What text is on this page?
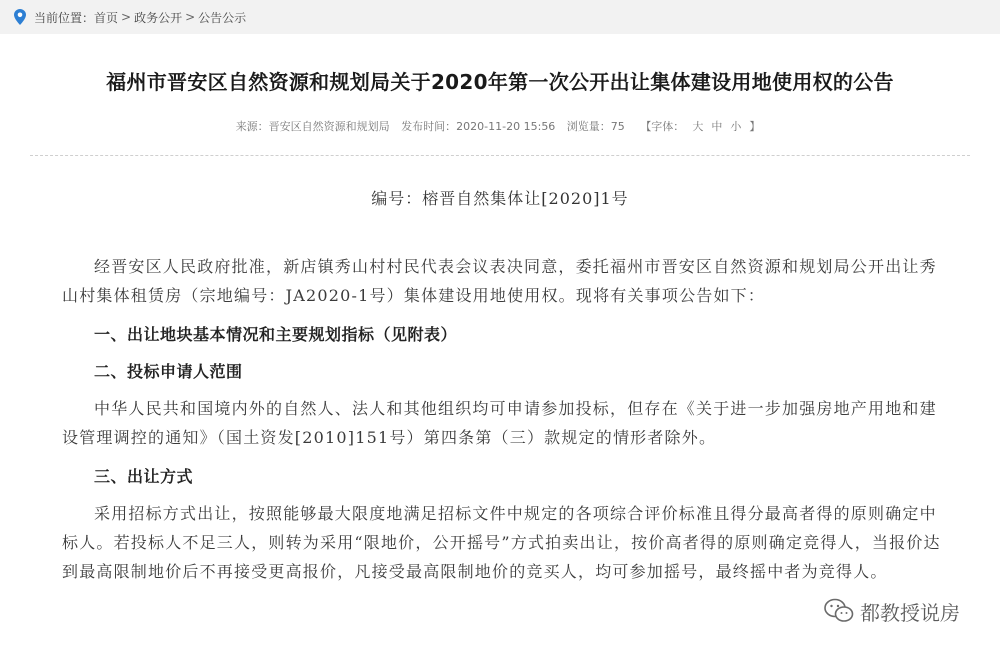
当前位置： 首页 > 政务公开 > 公告公示
福州市晋安区自然资源和规划局关于2020年第一次公开出让集体建设用地使用权的公告
来源：晋安区自然资源和规划局 发布时间：2020-11-20 15:56 浏览量：75 【字体： 大 中 小 】
编号：榕晋自然集体让[2020]1号

经晋安区人民政府批准，新店镇秀山村村民代表会议表决同意，委托福州市晋安区自然资源和规划局公开出让秀山村集体租赁房（宗地编号：JA2020-1号）集体建设用地使用权。现将有关事项公告如下：

一、出让地块基本情况和主要规划指标（见附表）

二、投标申请人范围

中华人民共和国境内外的自然人、法人和其他组织均可申请参加投标，但存在《关于进一步加强房地产用地和建设管理调控的通知》（国土资发[2010]151号）第四条第（三）款规定的情形者除外。

三、出让方式

采用招标方式出让，按照能够最大限度地满足招标文件中规定的各项综合评价标准且得分最高者得的原则确定中标人。若投标人不足三人，则转为采用“限地价，公开摇号”方式拍卖出让，按价高者得的原则确定竞得人，当报价达到最高限制地价后不再接受更高报价，凡接受最高限制地价的竞买人，均可参加摇号，最终摇中者为竞得人。

都教授说房
